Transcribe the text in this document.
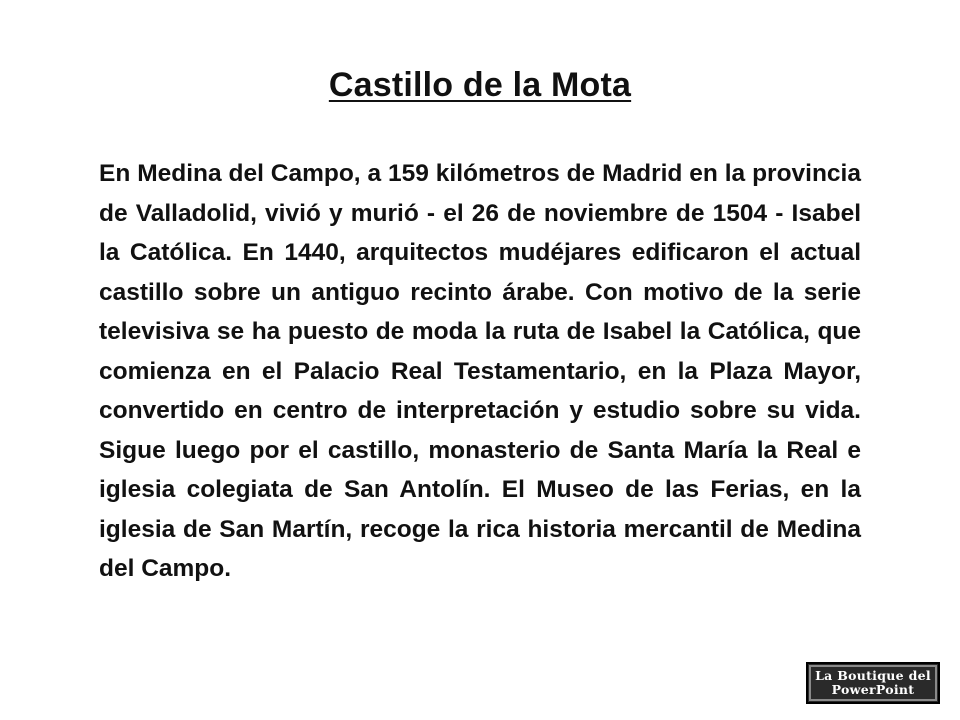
Castillo de la Mota

En Medina del Campo, a 159 kilómetros de Madrid en la provincia de Valladolid, vivió y murió - el 26 de noviembre de 1504 - Isabel la Católica. En 1440, arquitectos mudéjares edificaron el actual castillo sobre un antiguo recinto árabe. Con motivo de la serie televisiva se ha puesto de moda la ruta de Isabel la Católica, que comienza en el Palacio Real Testamentario, en la Plaza Mayor, convertido en centro de interpretación y estudio sobre su vida. Sigue luego por el castillo, monasterio de Santa María la Real e iglesia colegiata de San Antolín. El Museo de las Ferias, en la iglesia de San Martín, recoge la rica historia mercantil de Medina del Campo.

La Boutique del
PowerPoint
